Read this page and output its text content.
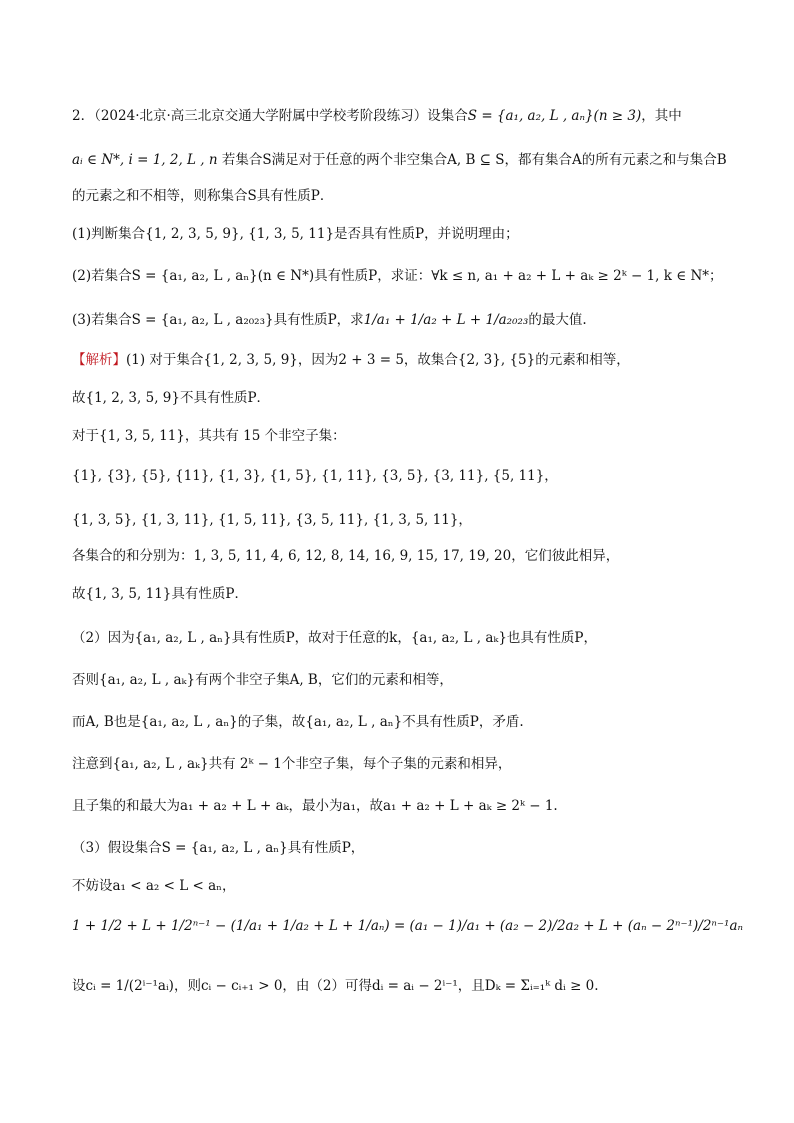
2．（2024·北京·高三北京交通大学附属中学校考阶段练习）设集合S = {a₁, a₂, L , aₙ}(n ≥ 3)，其中
aᵢ ∈ N*, i = 1, 2, L , n 若集合S满足对于任意的两个非空集合A, B ⊆ S，都有集合A的所有元素之和与集合B
的元素之和不相等，则称集合S具有性质P．
(1)判断集合{1, 2, 3, 5, 9}, {1, 3, 5, 11}是否具有性质P，并说明理由；
(2)若集合S = {a₁, a₂, L , aₙ}(n ∈ N*)具有性质P，求证：∀k ≤ n, a₁ + a₂ + L + aₖ ≥ 2ᵏ − 1, k ∈ N*；
(3)若集合S = {a₁, a₂, L , a₂₀₂₃}具有性质P，求1/a₁ + 1/a₂ + L + 1/a₂₀₂₃的最大值.
【解析】(1) 对于集合{1, 2, 3, 5, 9}，因为2 + 3 = 5，故集合{2, 3}, {5}的元素和相等，
故{1, 2, 3, 5, 9}不具有性质P．
对于{1, 3, 5, 11}，其共有 15 个非空子集：
{1}, {3}, {5}, {11}, {1, 3}, {1, 5}, {1, 11}, {3, 5}, {3, 11}, {5, 11}，
{1, 3, 5}, {1, 3, 11}, {1, 5, 11}, {3, 5, 11}, {1, 3, 5, 11}，
各集合的和分别为：1, 3, 5, 11, 4, 6, 12, 8, 14, 16, 9, 15, 17, 19, 20，它们彼此相异，
故{1, 3, 5, 11}具有性质P．
（2）因为{a₁, a₂, L , aₙ}具有性质P，故对于任意的k，{a₁, a₂, L , aₖ}也具有性质P，
否则{a₁, a₂, L , aₖ}有两个非空子集A, B，它们的元素和相等，
而A, B也是{a₁, a₂, L , aₙ}的子集，故{a₁, a₂, L , aₙ}不具有性质P，矛盾.
注意到{a₁, a₂, L , aₖ}共有 2ᵏ − 1个非空子集，每个子集的元素和相异，
且子集的和最大为a₁ + a₂ + L + aₖ，最小为a₁，故a₁ + a₂ + L + aₖ ≥ 2ᵏ − 1.
（3）假设集合S = {a₁, a₂, L , aₙ}具有性质P，
不妨设a₁ < a₂ < L < aₙ，
1 + 1/2 + L + 1/2ⁿ⁻¹ − (1/a₁ + 1/a₂ + L + 1/aₙ) = (a₁ − 1)/a₁ + (a₂ − 2)/2a₂ + L + (aₙ − 2ⁿ⁻¹)/2ⁿ⁻¹aₙ
设cᵢ = 1/(2ⁱ⁻¹aᵢ)，则cᵢ − cᵢ₊₁ > 0，由（2）可得dᵢ = aᵢ − 2ⁱ⁻¹，且Dₖ = Σᵢ₌₁ᵏ dᵢ ≥ 0.
